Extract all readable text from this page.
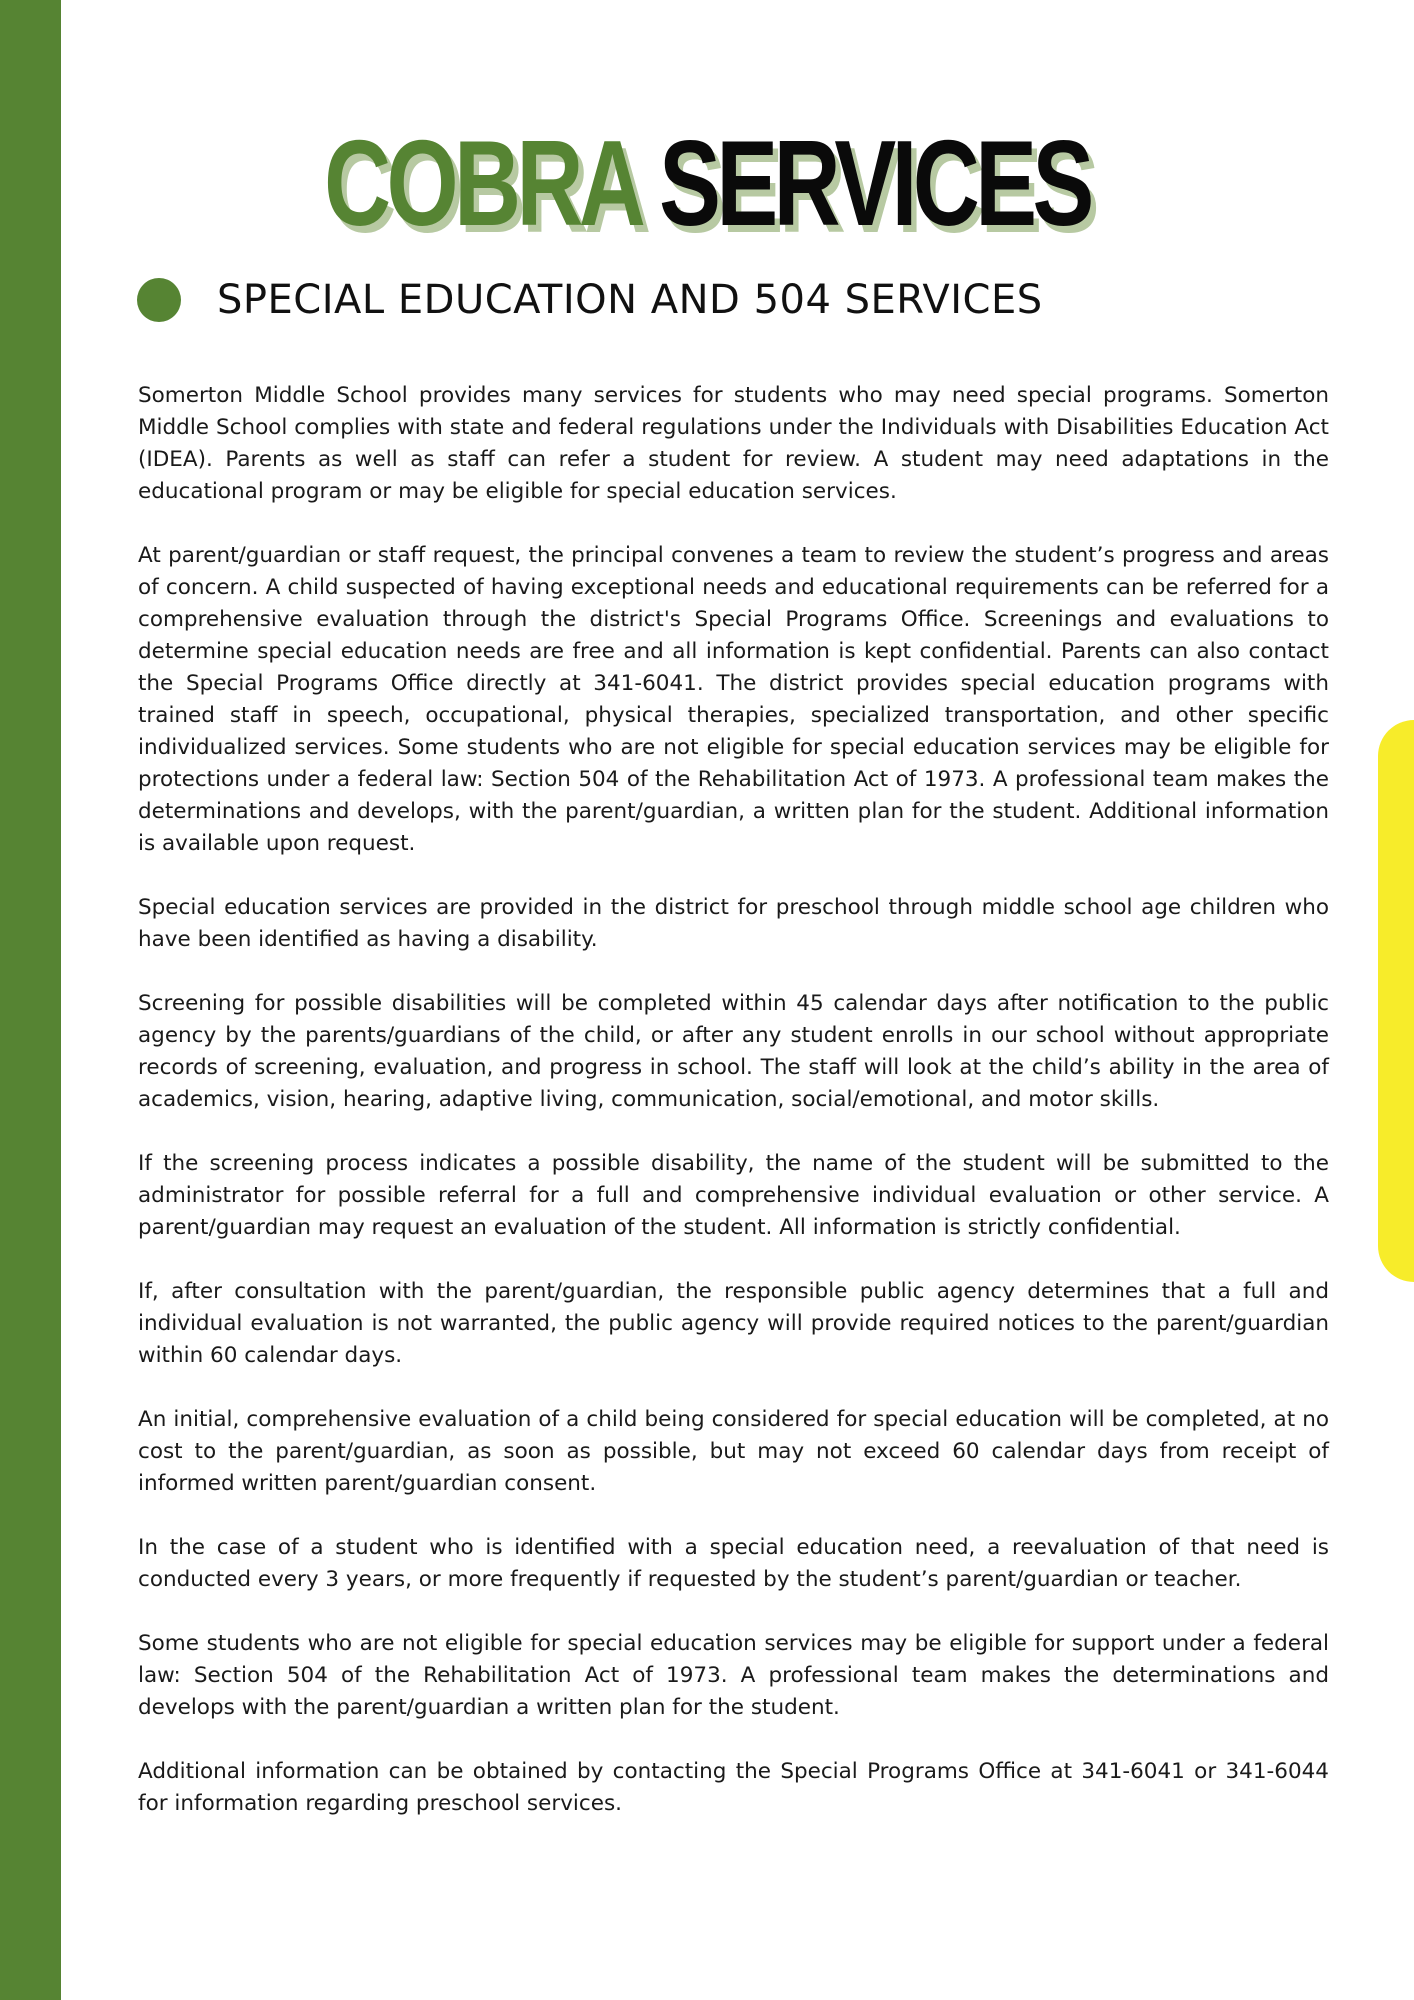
COBRA SERVICES
SPECIAL EDUCATION AND 504 SERVICES

Somerton Middle School provides many services for students who may need special programs. Somerton Middle School complies with state and federal regulations under the Individuals with Disabilities Education Act (IDEA). Parents as well as staff can refer a student for review. A student may need adaptations in the educational program or may be eligible for special education services.

At parent/guardian or staff request, the principal convenes a team to review the student’s progress and areas of concern. A child suspected of having exceptional needs and educational requirements can be referred for a comprehensive evaluation through the district's Special Programs Office. Screenings and evaluations to determine special education needs are free and all information is kept confidential. Parents can also contact the Special Programs Office directly at 341-6041. The district provides special education programs with trained staff in speech, occupational, physical therapies, specialized transportation, and other specific individualized services. Some students who are not eligible for special education services may be eligible for protections under a federal law: Section 504 of the Rehabilitation Act of 1973. A professional team makes the determinations and develops, with the parent/guardian, a written plan for the student. Additional information is available upon request.

Special education services are provided in the district for preschool through middle school age children who have been identified as having a disability.

Screening for possible disabilities will be completed within 45 calendar days after notification to the public agency by the parents/guardians of the child, or after any student enrolls in our school without appropriate records of screening, evaluation, and progress in school. The staff will look at the child’s ability in the area of academics, vision, hearing, adaptive living, communication, social/emotional, and motor skills.

If the screening process indicates a possible disability, the name of the student will be submitted to the administrator for possible referral for a full and comprehensive individual evaluation or other service. A parent/guardian may request an evaluation of the student. All information is strictly confidential.

If, after consultation with the parent/guardian, the responsible public agency determines that a full and individual evaluation is not warranted, the public agency will provide required notices to the parent/guardian within 60 calendar days.

An initial, comprehensive evaluation of a child being considered for special education will be completed, at no cost to the parent/guardian, as soon as possible, but may not exceed 60 calendar days from receipt of informed written parent/guardian consent.

In the case of a student who is identified with a special education need, a reevaluation of that need is conducted every 3 years, or more frequently if requested by the student’s parent/guardian or teacher.

Some students who are not eligible for special education services may be eligible for support under a federal law: Section 504 of the Rehabilitation Act of 1973. A professional team makes the determinations and develops with the parent/guardian a written plan for the student.

Additional information can be obtained by contacting the Special Programs Office at 341-6041 or 341-6044 for information regarding preschool services.
